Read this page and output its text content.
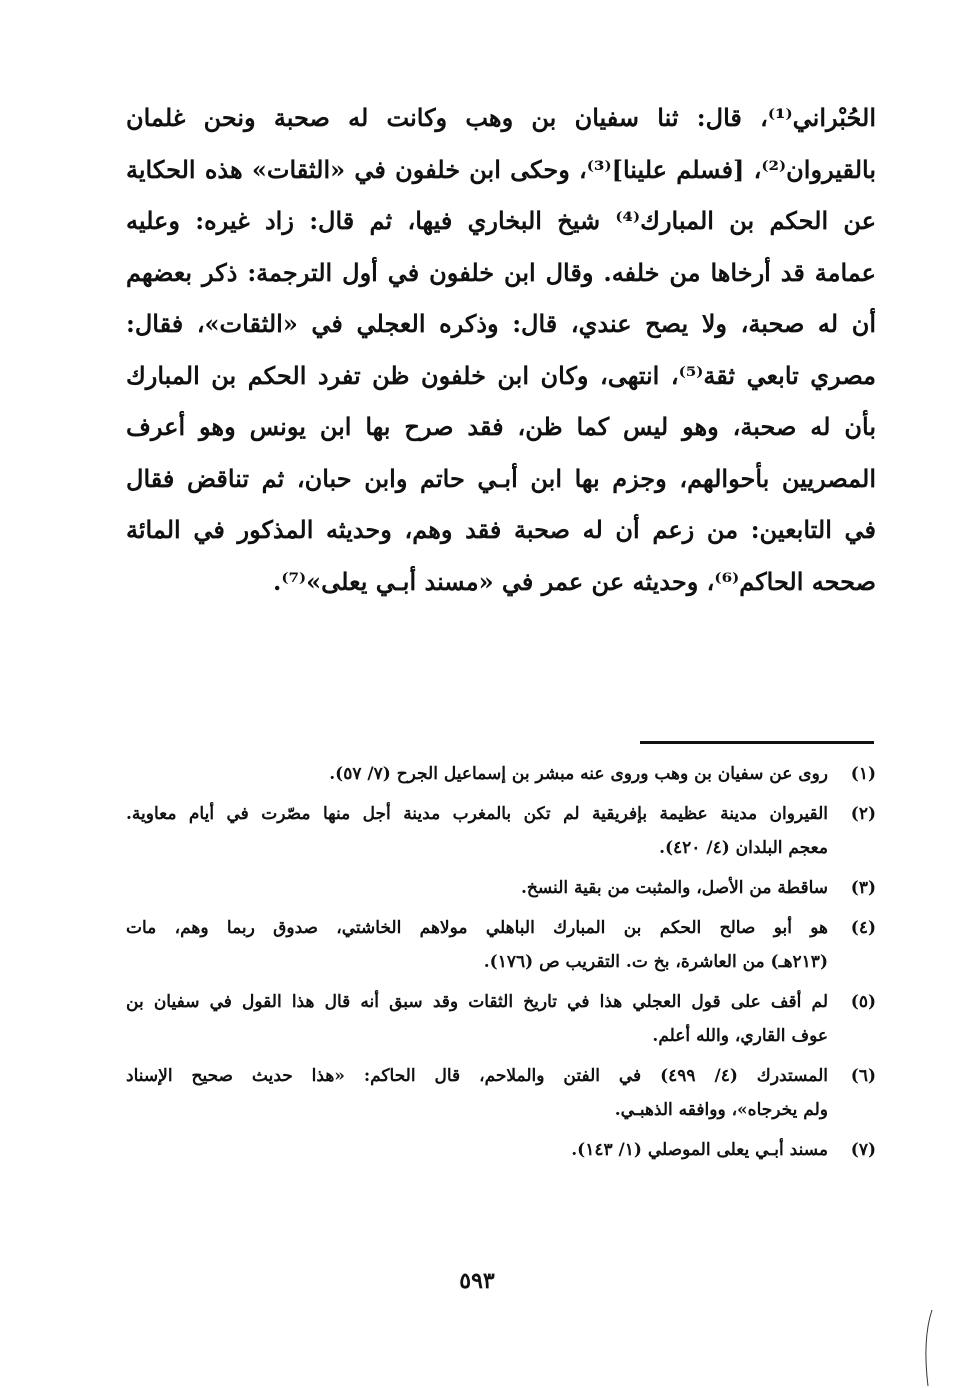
الحُبْراني⁽¹⁾، قال: ثنا سفيان بن وهب وكانت له صحبة ونحن غلمان
بالقيروان⁽²⁾، [فسلم علينا]⁽³⁾، وحكى ابن خلفون في «الثقات» هذه الحكاية
عن الحكم بن المبارك⁽⁴⁾ شيخ البخاري فيها، ثم قال: زاد غيره: وعليه
عمامة قد أرخاها من خلفه. وقال ابن خلفون في أول الترجمة: ذكر بعضهم
أن له صحبة، ولا يصح عندي، قال: وذكره العجلي في «الثقات»، فقال:
مصري تابعي ثقة⁽⁵⁾، انتهى، وكان ابن خلفون ظن تفرد الحكم بن المبارك
بأن له صحبة، وهو ليس كما ظن، فقد صرح بها ابن يونس وهو أعرف
المصريين بأحوالهم، وجزم بها ابن أبـي حاتم وابن حبان، ثم تناقض فقال
في التابعين: من زعم أن له صحبة فقد وهم، وحديثه المذكور في المائة
صححه الحاكم⁽⁶⁾، وحديثه عن عمر في «مسند أبـي يعلى»⁽⁷⁾.
(١)
روى عن سفيان بن وهب وروى عنه مبشر بن إسماعيل الجرح (٧/ ٥٧).
(٢)
القيروان مدينة عظيمة بإفريقية لم تكن بالمغرب مدينة أجل منها مصّرت في أيام معاوية.
معجم البلدان (٤/ ٤٢٠).
(٣)
ساقطة من الأصل، والمثبت من بقية النسخ.
(٤)
هو أبو صالح الحكم بن المبارك الباهلي مولاهم الخاشتي، صدوق ربما وهم، مات
(٢١٣هـ) من العاشرة، بخ ت. التقريب ص (١٧٦).
(٥)
لم أقف على قول العجلي هذا في تاريخ الثقات وقد سبق أنه قال هذا القول في سفيان بن
عوف القاري، والله أعلم.
(٦)
المستدرك (٤/ ٤٩٩) في الفتن والملاحم، قال الحاكم: «هذا حديث صحيح الإسناد
ولم يخرجاه»، ووافقه الذهبـي.
(٧)
مسند أبـي يعلى الموصلي (١/ ١٤٣).
٥٩٣
